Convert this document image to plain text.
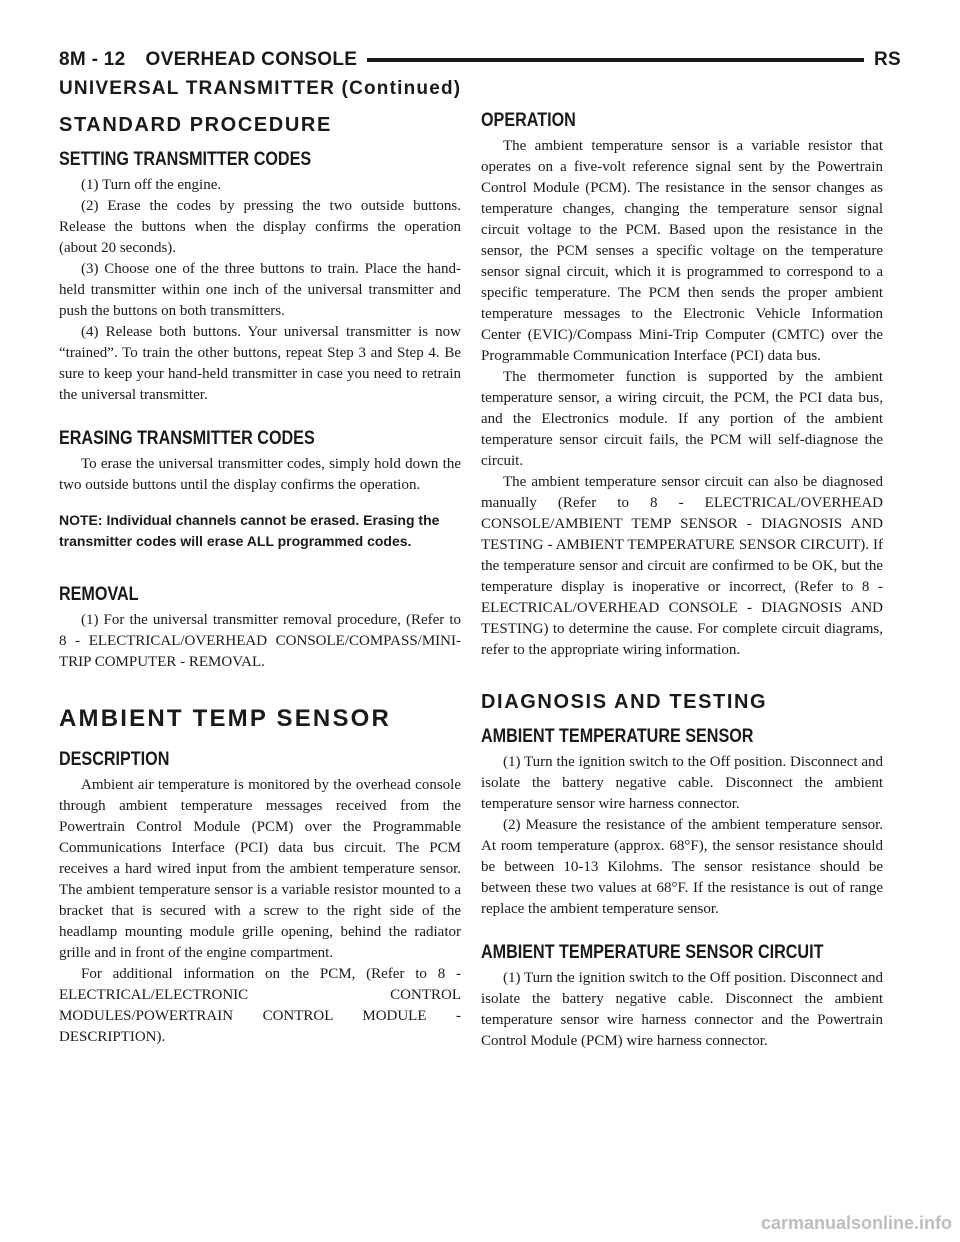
8M - 12 OVERHEAD CONSOLE	RS
UNIVERSAL TRANSMITTER (Continued)
STANDARD PROCEDURE
SETTING TRANSMITTER CODES

(1) Turn off the engine.

(2) Erase the codes by pressing the two outside buttons. Release the buttons when the display confirms the operation (about 20 seconds).

(3) Choose one of the three buttons to train. Place the hand-held transmitter within one inch of the universal transmitter and push the buttons on both transmitters.

(4) Release both buttons. Your universal transmitter is now “trained”. To train the other buttons, repeat Step 3 and Step 4. Be sure to keep your hand-held transmitter in case you need to retrain the universal transmitter.

ERASING TRANSMITTER CODES

To erase the universal transmitter codes, simply hold down the two outside buttons until the display confirms the operation.

NOTE: Individual channels cannot be erased. Erasing the transmitter codes will erase ALL programmed codes.

REMOVAL

(1) For the universal transmitter removal procedure, (Refer to 8 - ELECTRICAL/OVERHEAD CONSOLE/COMPASS/MINI-TRIP COMPUTER - REMOVAL.

AMBIENT TEMP SENSOR
DESCRIPTION

Ambient air temperature is monitored by the overhead console through ambient temperature messages received from the Powertrain Control Module (PCM) over the Programmable Communications Interface (PCI) data bus circuit. The PCM receives a hard wired input from the ambient temperature sensor. The ambient temperature sensor is a variable resistor mounted to a bracket that is secured with a screw to the right side of the headlamp mounting module grille opening, behind the radiator grille and in front of the engine compartment.

For additional information on the PCM, (Refer to 8 - ELECTRICAL/ELECTRONIC CONTROL MODULES/POWERTRAIN CONTROL MODULE - DESCRIPTION).

OPERATION

The ambient temperature sensor is a variable resistor that operates on a five-volt reference signal sent by the Powertrain Control Module (PCM). The resistance in the sensor changes as temperature changes, changing the temperature sensor signal circuit voltage to the PCM. Based upon the resistance in the sensor, the PCM senses a specific voltage on the temperature sensor signal circuit, which it is programmed to correspond to a specific temperature. The PCM then sends the proper ambient temperature messages to the Electronic Vehicle Information Center (EVIC)/Compass Mini-Trip Computer (CMTC) over the Programmable Communication Interface (PCI) data bus.

The thermometer function is supported by the ambient temperature sensor, a wiring circuit, the PCM, the PCI data bus, and the Electronics module. If any portion of the ambient temperature sensor circuit fails, the PCM will self-diagnose the circuit.

The ambient temperature sensor circuit can also be diagnosed manually (Refer to 8 - ELECTRICAL/OVERHEAD CONSOLE/AMBIENT TEMP SENSOR - DIAGNOSIS AND TESTING - AMBIENT TEMPERATURE SENSOR CIRCUIT). If the temperature sensor and circuit are confirmed to be OK, but the temperature display is inoperative or incorrect, (Refer to 8 - ELECTRICAL/OVERHEAD CONSOLE - DIAGNOSIS AND TESTING) to determine the cause. For complete circuit diagrams, refer to the appropriate wiring information.

DIAGNOSIS AND TESTING
AMBIENT TEMPERATURE SENSOR

(1) Turn the ignition switch to the Off position. Disconnect and isolate the battery negative cable. Disconnect the ambient temperature sensor wire harness connector.

(2) Measure the resistance of the ambient temperature sensor. At room temperature (approx. 68°F), the sensor resistance should be between 10-13 Kilohms. The sensor resistance should be between these two values at 68°F. If the resistance is out of range replace the ambient temperature sensor.

AMBIENT TEMPERATURE SENSOR CIRCUIT

(1) Turn the ignition switch to the Off position. Disconnect and isolate the battery negative cable. Disconnect the ambient temperature sensor wire harness connector and the Powertrain Control Module (PCM) wire harness connector.

carmanualsonline.info
